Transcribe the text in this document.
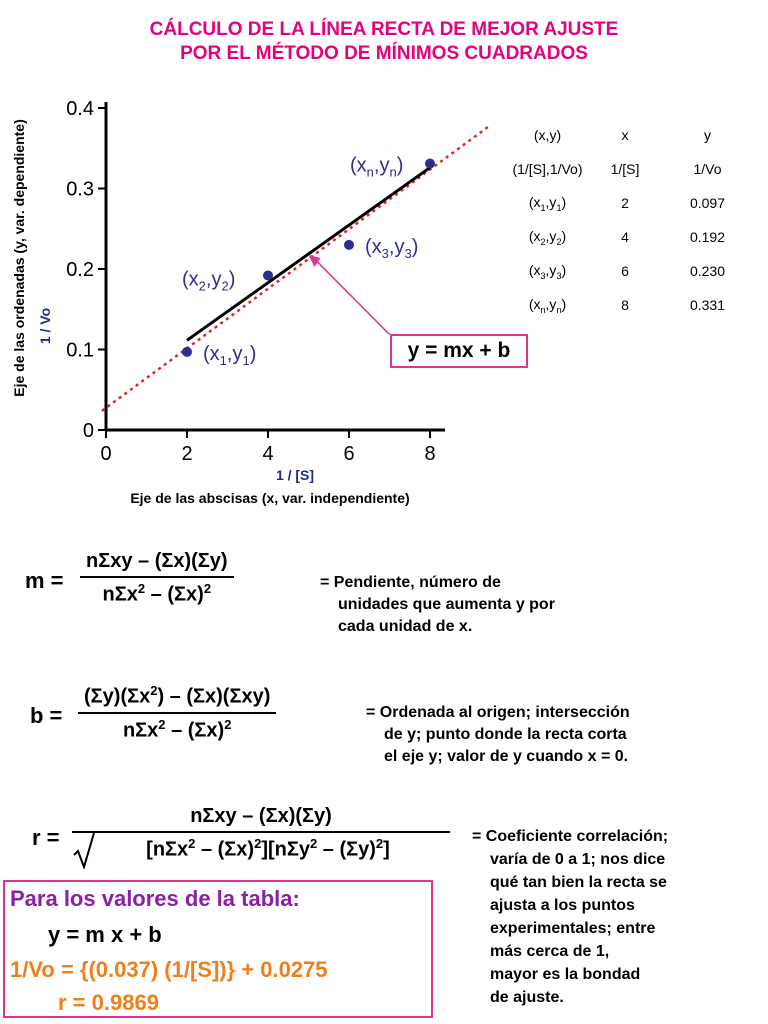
CÁLCULO DE LA LÍNEA RECTA DE MEJOR AJUSTE
POR EL MÉTODO DE MÍNIMOS CUADRADOS
0	2	4	6	8
0
0.1
0.2
0.3
0.4
$(x_1,y_1)$
$(x_2,y_2)$
$(x_3,y_3)$
$(x_n,y_n)$
1 / [S]
Eje de las abscisas (x, var. independiente)
1 / Vo
Eje de las ordenadas (y, var. dependiente)	(x,y)	x	y
(1/[S],1/Vo)	1/[S]	1/Vo
$(x_1,y_1)$	2	0.097
$(x_2,y_2)$	4	0.192
$(x_3,y_3)$	6	0.230
$(x_n,y_n)$	8	0.331
y = mx + b
m =
nΣxy – (Σx)(Σy)
$n\Sigma x^2 - (\Sigma x)^2$	= Pendiente, número de
unidades que aumenta y por
cada unidad de x.
b =
$(\Sigma y)(\Sigma x^2) - (\Sigma x)(\Sigma xy)$
$n\Sigma x^2 - (\Sigma x)^2$
= Ordenada al origen; intersección
de y; punto donde la recta corta
el eje y; valor de y cuando x = 0.
r =
nΣxy – (Σx)(Σy)
$[n\Sigma x^2 - (\Sigma x)^2][n\Sigma y^2 - (\Sigma y)^2]$
= Coeficiente correlación;
varía de 0 a 1; nos dice
qué tan bien la recta se
ajusta a los puntos
experimentales; entre
más cerca de 1,
mayor es la bondad
de ajuste.
Para los valores de la tabla:
y = m x + b
1/Vo = {(0.037) (1/[S])} + 0.0275
r = 0.9869
